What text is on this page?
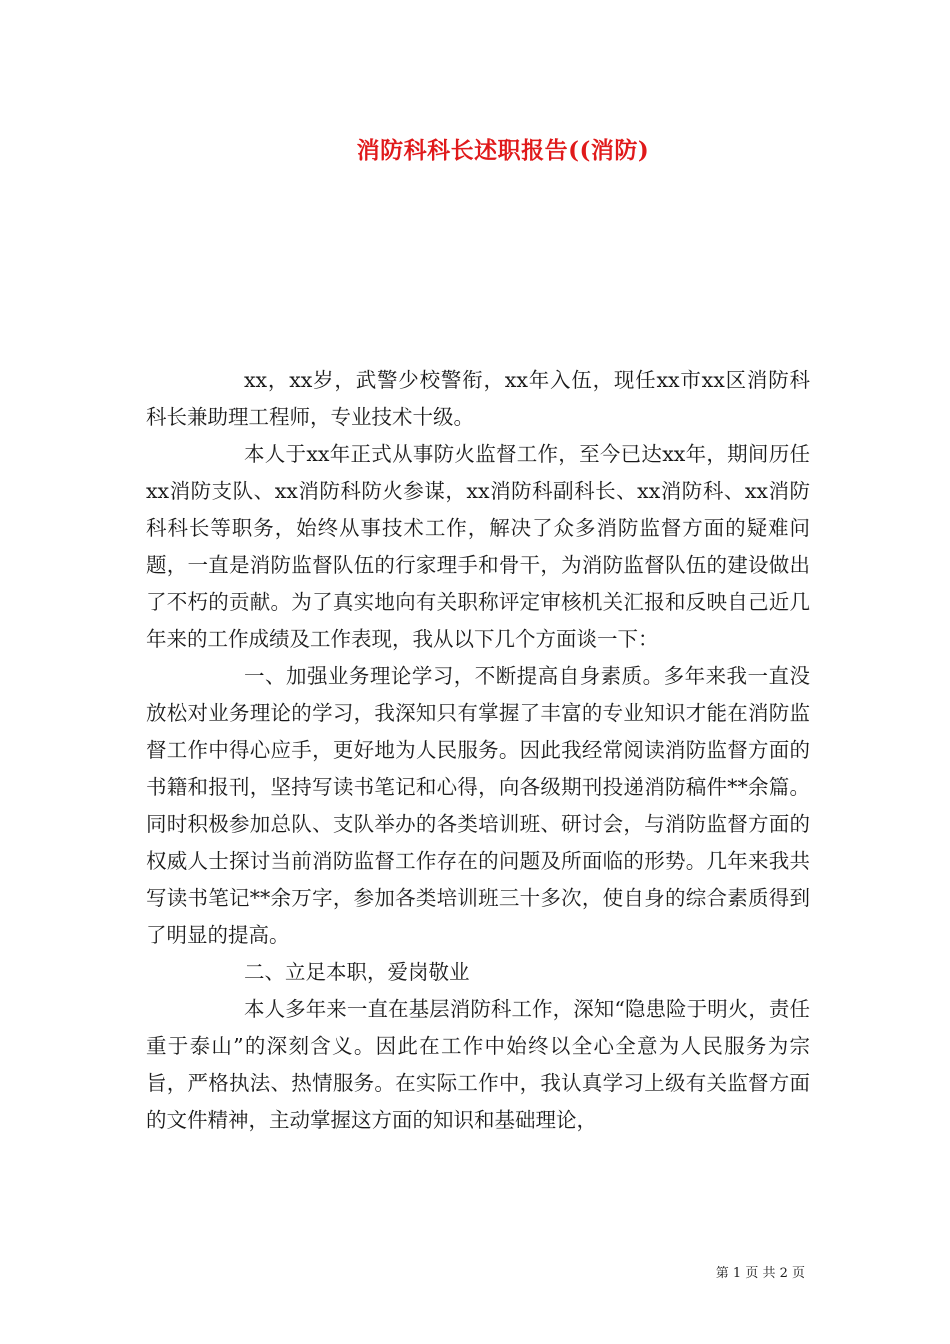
消防科科长述职报告((消防)

xx，xx岁，武警少校警衔，xx年入伍，现任xx市xx区消防科科长兼助理工程师，专业技术十级。

本人于xx年正式从事防火监督工作，至今已达xx年，期间历任xx消防支队、xx消防科防火参谋，xx消防科副科长、xx消防科、xx消防科科长等职务，始终从事技术工作，解决了众多消防监督方面的疑难问题，一直是消防监督队伍的行家理手和骨干，为消防监督队伍的建设做出了不朽的贡献。为了真实地向有关职称评定审核机关汇报和反映自己近几年来的工作成绩及工作表现，我从以下几个方面谈一下：

一、加强业务理论学习，不断提高自身素质。多年来我一直没放松对业务理论的学习，我深知只有掌握了丰富的专业知识才能在消防监督工作中得心应手，更好地为人民服务。因此我经常阅读消防监督方面的书籍和报刊，坚持写读书笔记和心得，向各级期刊投递消防稿件**余篇。同时积极参加总队、支队举办的各类培训班、研讨会，与消防监督方面的权威人士探讨当前消防监督工作存在的问题及所面临的形势。几年来我共写读书笔记**余万字，参加各类培训班三十多次，使自身的综合素质得到了明显的提高。

二、立足本职，爱岗敬业

本人多年来一直在基层消防科工作，深知“隐患险于明火，责任重于泰山”的深刻含义。因此在工作中始终以全心全意为人民服务为宗旨，严格执法、热情服务。在实际工作中，我认真学习上级有关监督方面的文件精神，主动掌握这方面的知识和基础理论，

第 1 页 共 2 页
